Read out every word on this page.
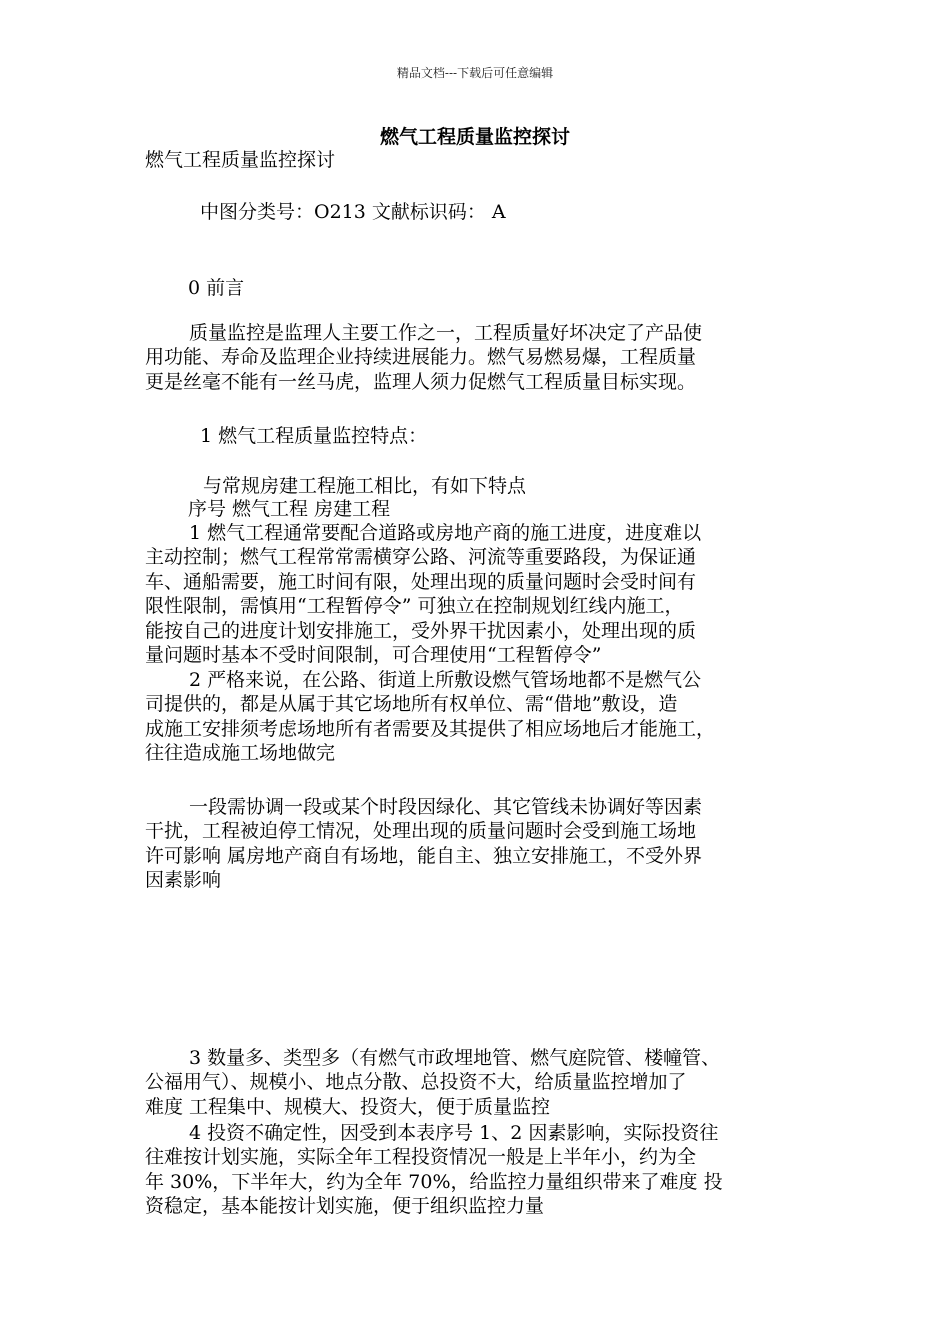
精品文档---下载后可任意编辑
燃气工程质量监控探讨
燃气工程质量监控探讨
中图分类号：O213 文献标识码： A
0 前言
质量监控是监理人主要工作之一，工程质量好坏决定了产品使
用功能、寿命及监理企业持续进展能力。燃气易燃易爆，工程质量
更是丝毫不能有一丝马虎，监理人须力促燃气工程质量目标实现。
1 燃气工程质量监控特点：
与常规房建工程施工相比，有如下特点
序号 燃气工程 房建工程
1 燃气工程通常要配合道路或房地产商的施工进度，进度难以
主动控制；燃气工程常常需横穿公路、河流等重要路段，为保证通
车、通船需要，施工时间有限，处理出现的质量问题时会受时间有
限性限制，需慎用“工程暂停令” 可独立在控制规划红线内施工，
能按自己的进度计划安排施工，受外界干扰因素小，处理出现的质
量问题时基本不受时间限制，可合理使用“工程暂停令”
2 严格来说，在公路、街道上所敷设燃气管场地都不是燃气公
司提供的，都是从属于其它场地所有权单位、需“借地”敷设，造
成施工安排须考虑场地所有者需要及其提供了相应场地后才能施工，
往往造成施工场地做完
一段需协调一段或某个时段因绿化、其它管线未协调好等因素
干扰，工程被迫停工情况，处理出现的质量问题时会受到施工场地
许可影响 属房地产商自有场地，能自主、独立安排施工，不受外界
因素影响
3 数量多、类型多（有燃气市政埋地管、燃气庭院管、楼幢管、
公福用气）、规模小、地点分散、总投资不大，给质量监控增加了
难度 工程集中、规模大、投资大，便于质量监控
4 投资不确定性，因受到本表序号 1、2 因素影响，实际投资往
往难按计划实施，实际全年工程投资情况一般是上半年小，约为全
年 30%，下半年大，约为全年 70%，给监控力量组织带来了难度 投
资稳定，基本能按计划实施，便于组织监控力量
